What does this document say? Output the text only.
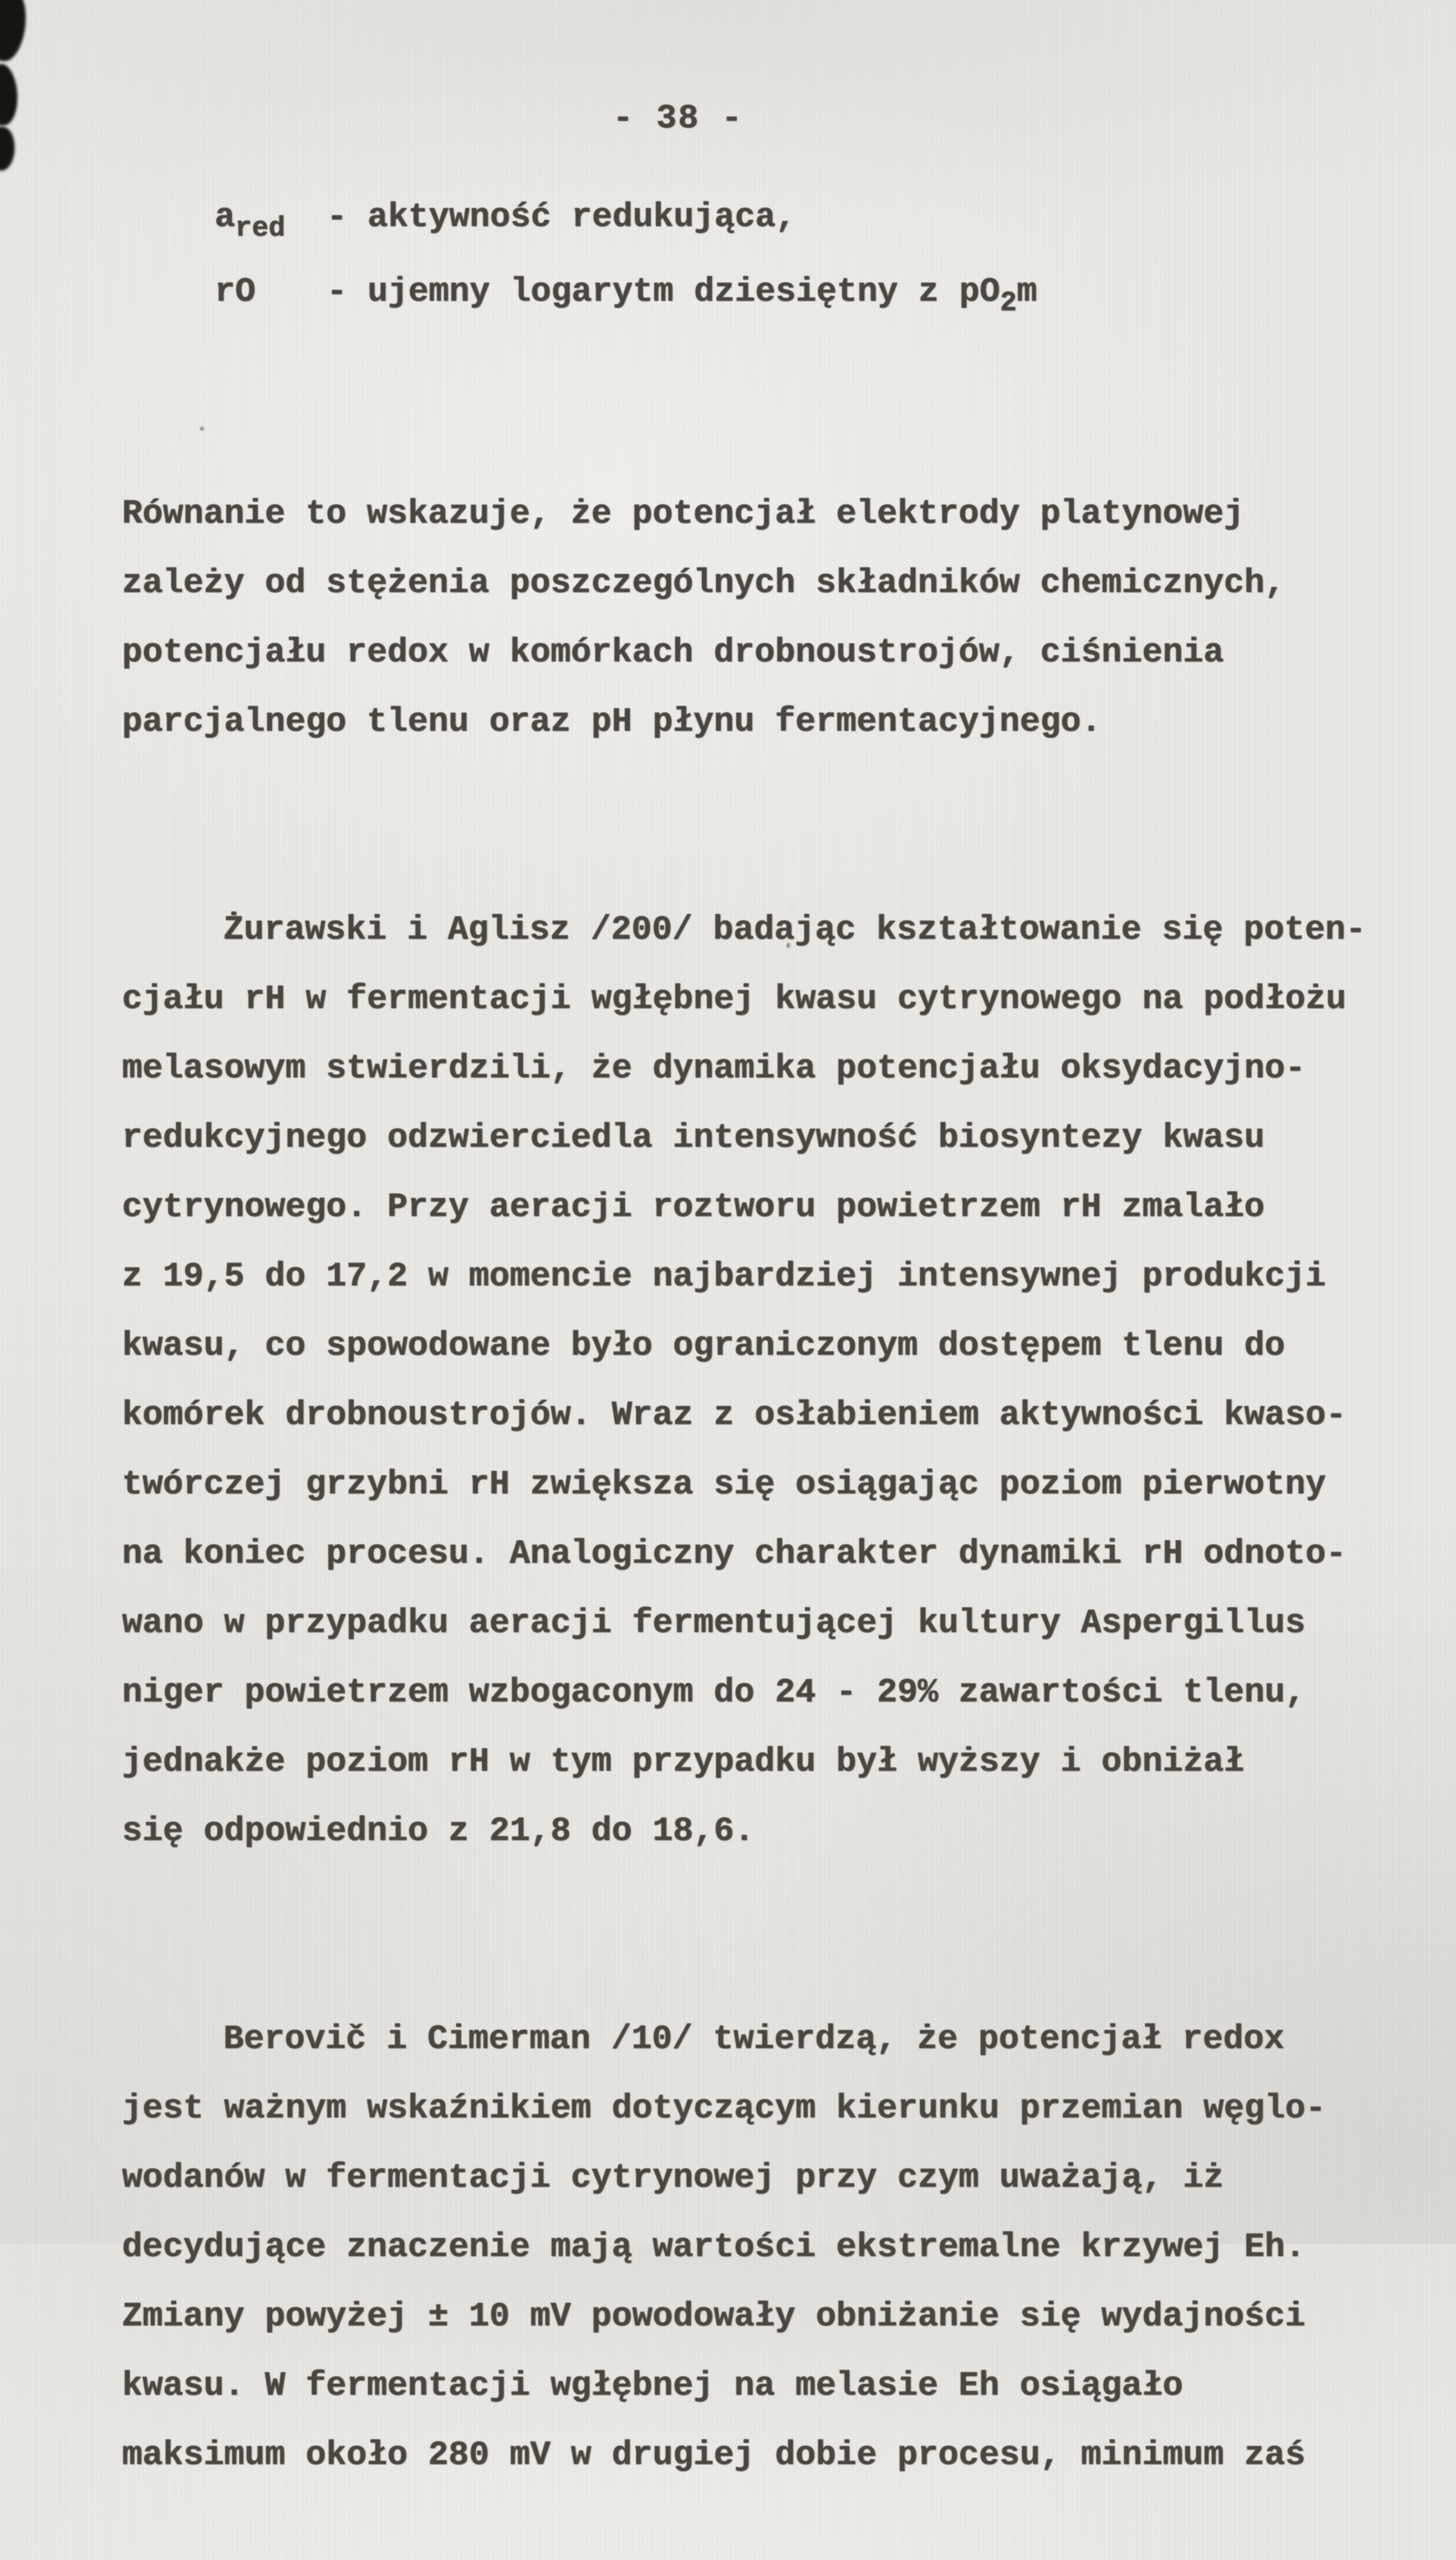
- 38 -
$a_{red}$ - aktywność redukująca,
rO - ujemny logarytm dziesiętny z $pO_2m$

Równanie to wskazuje, że potencjał elektrody platynowej
zależy od stężenia poszczególnych składników chemicznych,
potencjału redox w komórkach drobnoustrojów, ciśnienia
parcjalnego tlenu oraz pH płynu fermentacyjnego.

Żurawski i Aglisz /200/ badając kształtowanie się poten-
cjału rH w fermentacji wgłębnej kwasu cytrynowego na podłożu
melasowym stwierdzili, że dynamika potencjału oksydacyjno-
redukcyjnego odzwierciedla intensywność biosyntezy kwasu
cytrynowego. Przy aeracji roztworu powietrzem rH zmalało
z 19,5 do 17,2 w momencie najbardziej intensywnej produkcji
kwasu, co spowodowane było ograniczonym dostępem tlenu do
komórek drobnoustrojów. Wraz z osłabieniem aktywności kwaso-
twórczej grzybni rH zwiększa się osiągając poziom pierwotny
na koniec procesu. Analogiczny charakter dynamiki rH odnoto-
wano w przypadku aeracji fermentującej kultury Aspergillus
niger powietrzem wzbogaconym do 24 - 29% zawartości tlenu,
jednakże poziom rH w tym przypadku był wyższy i obniżał
się odpowiednio z 21,8 do 18,6.

Berovič i Cimerman /10/ twierdzą, że potencjał redox
jest ważnym wskaźnikiem dotyczącym kierunku przemian węglo-
wodanów w fermentacji cytrynowej przy czym uważają, iż
decydujące znaczenie mają wartości ekstremalne krzywej Eh.
Zmiany powyżej ± 10 mV powodowały obniżanie się wydajności
kwasu. W fermentacji wgłębnej na melasie Eh osiągało
maksimum około 280 mV w drugiej dobie procesu, minimum zaś
